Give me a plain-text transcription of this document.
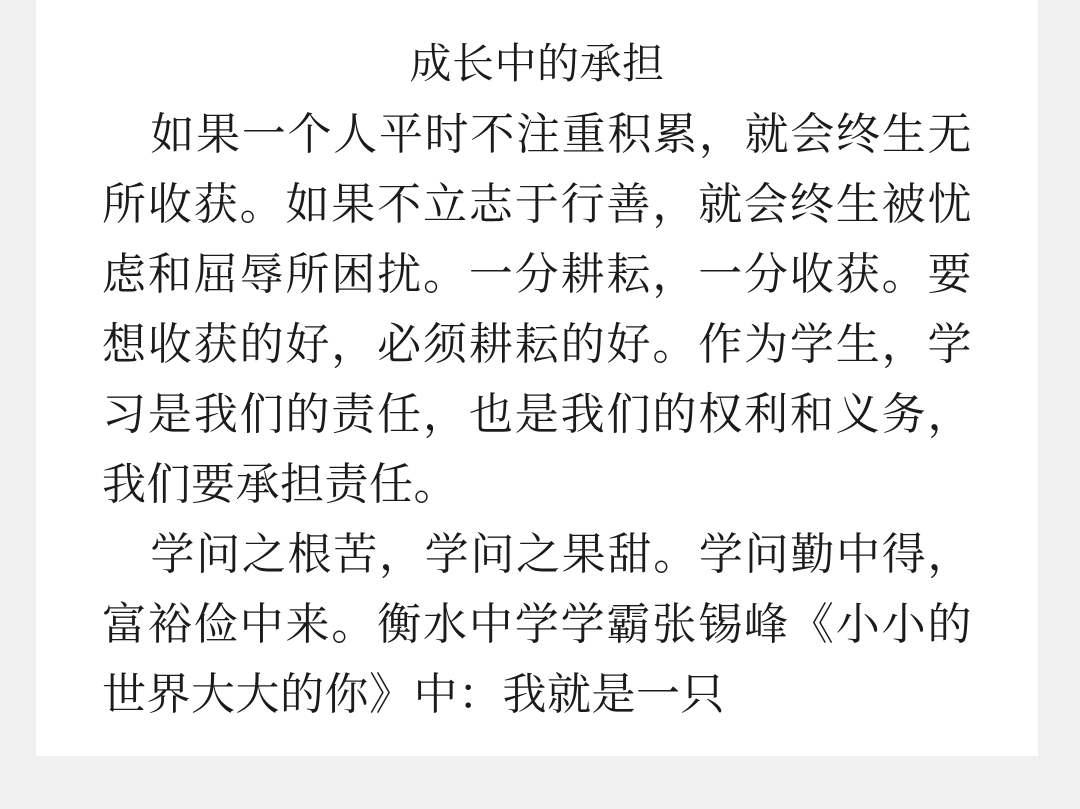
成长中的承担

如果一个人平时不注重积累，就会终生无所收获。如果不立志于行善，就会终生被忧虑和屈辱所困扰。一分耕耘，一分收获。要想收获的好，必须耕耘的好。作为学生，学习是我们的责任，也是我们的权利和义务，我们要承担责任。

学问之根苦，学问之果甜。学问勤中得，富裕俭中来。衡水中学学霸张锡峰《小小的世界大大的你》中：我就是一只
